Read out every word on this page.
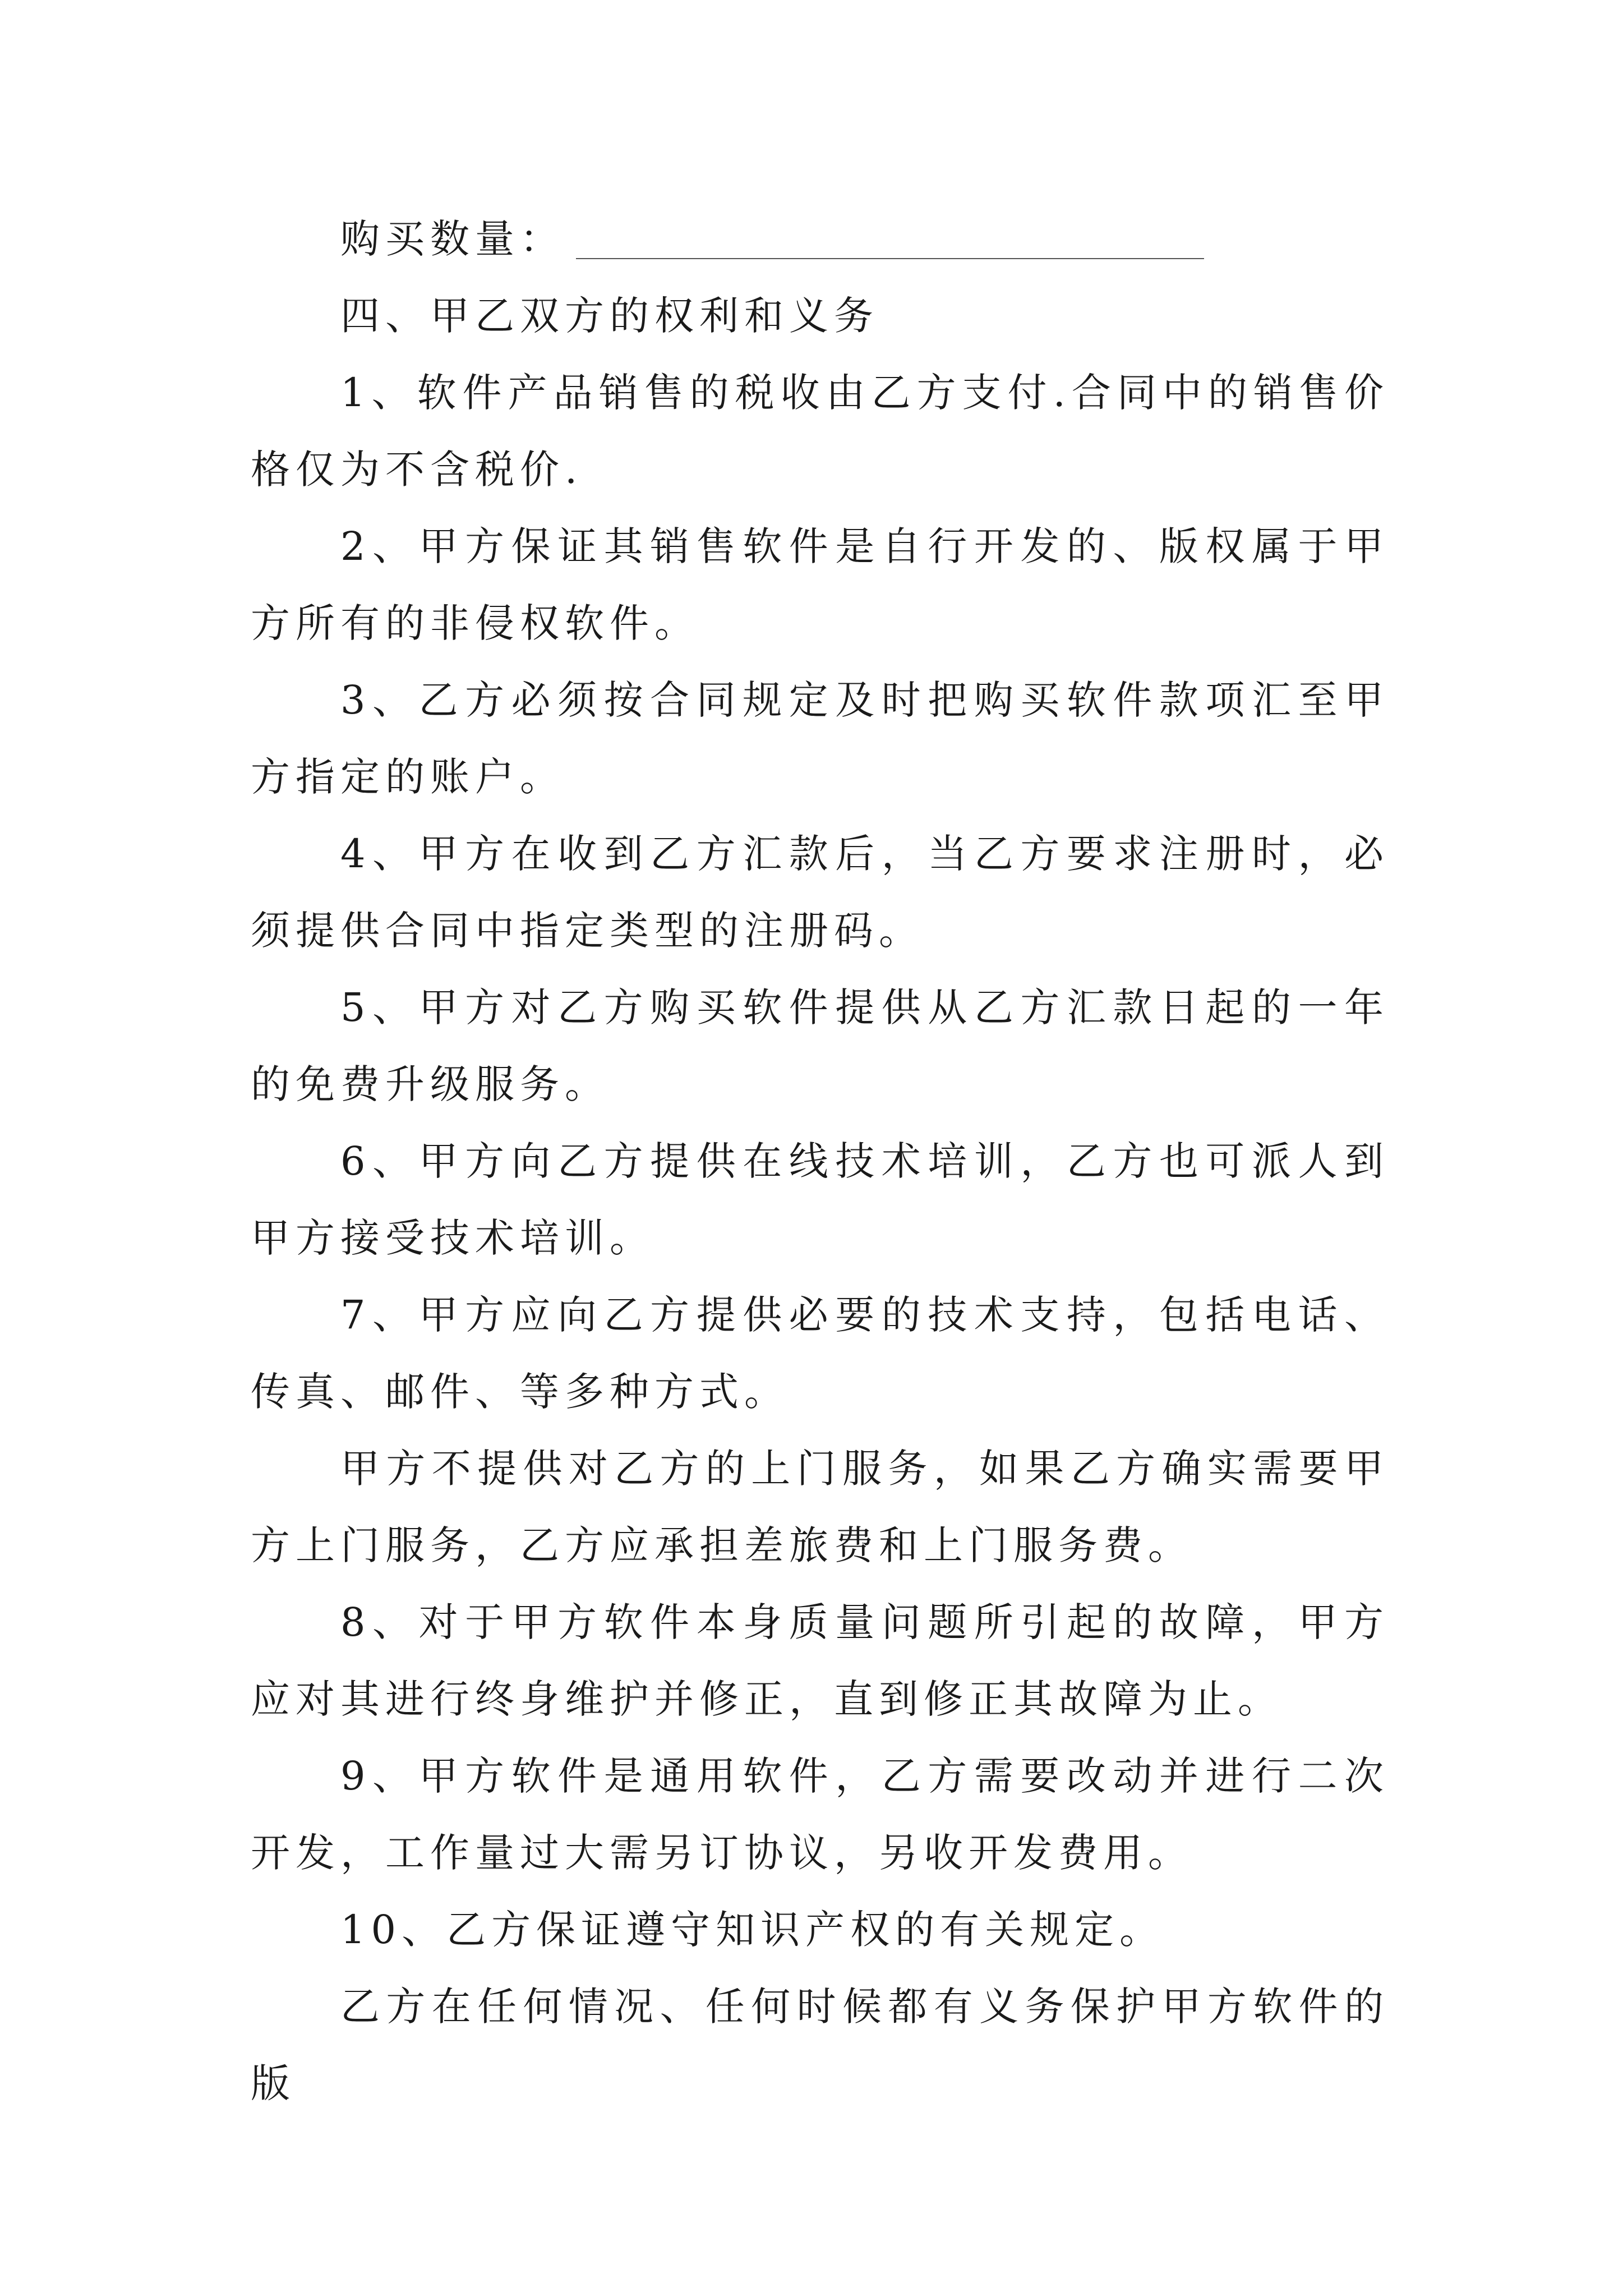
购买数量：

四、甲乙双方的权利和义务

1、软件产品销售的税收由乙方支付.合同中的销售价格仅为不含税价.

2、甲方保证其销售软件是自行开发的、版权属于甲方所有的非侵权软件。

3、乙方必须按合同规定及时把购买软件款项汇至甲方指定的账户。

4、甲方在收到乙方汇款后，当乙方要求注册时，必须提供合同中指定类型的注册码。

5、甲方对乙方购买软件提供从乙方汇款日起的一年的免费升级服务。

6、甲方向乙方提供在线技术培训，乙方也可派人到甲方接受技术培训。

7、甲方应向乙方提供必要的技术支持，包括电话、传真、邮件、等多种方式。

甲方不提供对乙方的上门服务，如果乙方确实需要甲方上门服务，乙方应承担差旅费和上门服务费。

8、对于甲方软件本身质量问题所引起的故障，甲方应对其进行终身维护并修正，直到修正其故障为止。

9、甲方软件是通用软件，乙方需要改动并进行二次开发，工作量过大需另订协议，另收开发费用。

10、乙方保证遵守知识产权的有关规定。

乙方在任何情况、任何时候都有义务保护甲方软件的版
